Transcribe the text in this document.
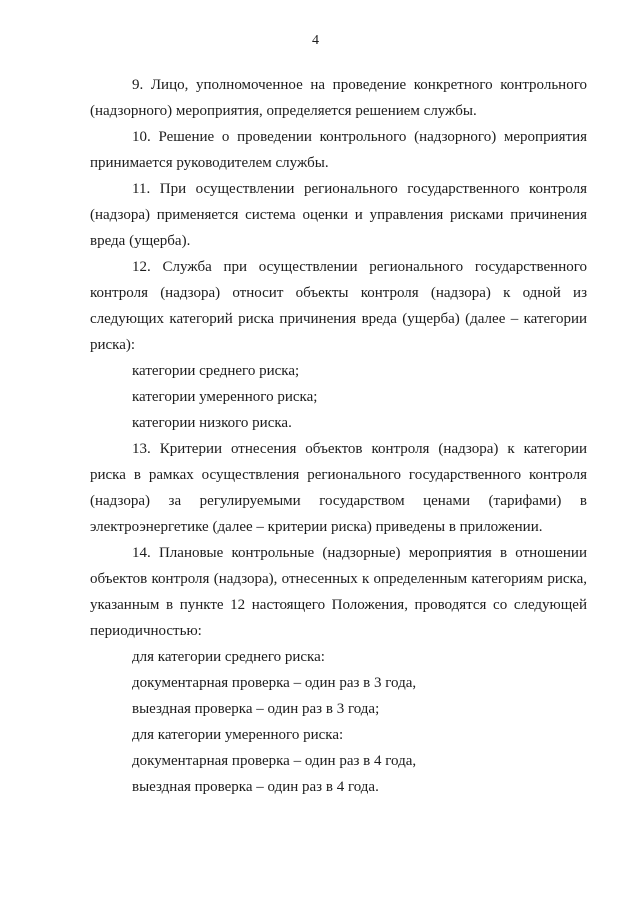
4

9. Лицо, уполномоченное на проведение конкретного контрольного (надзорного) мероприятия, определяется решением службы.

10. Решение о проведении контрольного (надзорного) мероприятия принимается руководителем службы.

11. При осуществлении регионального государственного контроля (надзора) применяется система оценки и управления рисками причинения вреда (ущерба).

12. Служба при осуществлении регионального государственного контроля (надзора) относит объекты контроля (надзора) к одной из следующих категорий риска причинения вреда (ущерба) (далее – категории риска):

категории среднего риска;

категории умеренного риска;

категории низкого риска.

13. Критерии отнесения объектов контроля (надзора) к категории риска в рамках осуществления регионального государственного контроля (надзора) за регулируемыми государством ценами (тарифами) в электроэнергетике (далее – критерии риска) приведены в приложении.

14. Плановые контрольные (надзорные) мероприятия в отношении объектов контроля (надзора), отнесенных к определенным категориям риска, указанным в пункте 12 настоящего Положения, проводятся со следующей периодичностью:

для категории среднего риска:

документарная проверка – один раз в 3 года,

выездная проверка – один раз в 3 года;

для категории умеренного риска:

документарная проверка – один раз в 4 года,

выездная проверка – один раз в 4 года.
